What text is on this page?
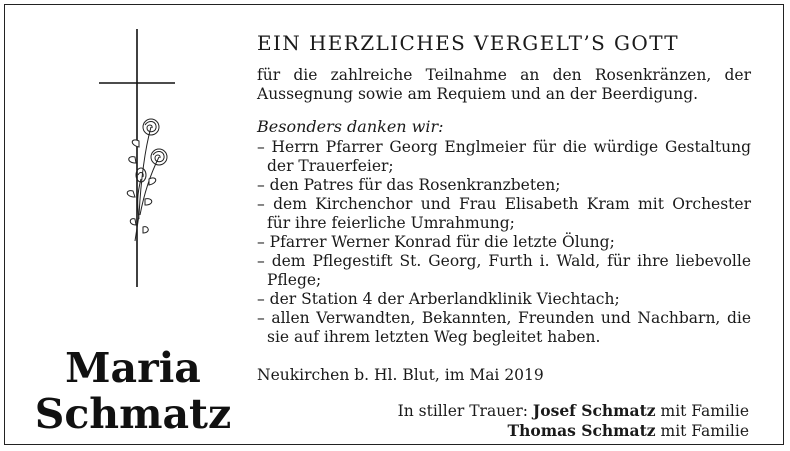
Maria
Schmatz
EIN HERZLICHES VERGELT’S GOTT
für die zahlreiche Teilnahme an den Rosenkränzen, der Aussegnung sowie am Requiem und an der Beerdigung.
Besonders danken wir:
– Herrn Pfarrer Georg Englmeier für die würdige Gestaltung der Trauerfeier;
– den Patres für das Rosenkranzbeten;
– dem Kirchenchor und Frau Elisabeth Kram mit Orchester für ihre feierliche Umrahmung;
– Pfarrer Werner Konrad für die letzte Ölung;
– dem Pflegestift St. Georg, Furth i. Wald, für ihre liebevolle Pflege;
– der Station 4 der Arberlandklinik Viechtach;
– allen Verwandten, Bekannten, Freunden und Nachbarn, die sie auf ihrem letzten Weg begleitet haben.
Neukirchen b. Hl. Blut, im Mai 2019
In stiller Trauer: Josef Schmatz mit Familie
Thomas Schmatz mit Familie
